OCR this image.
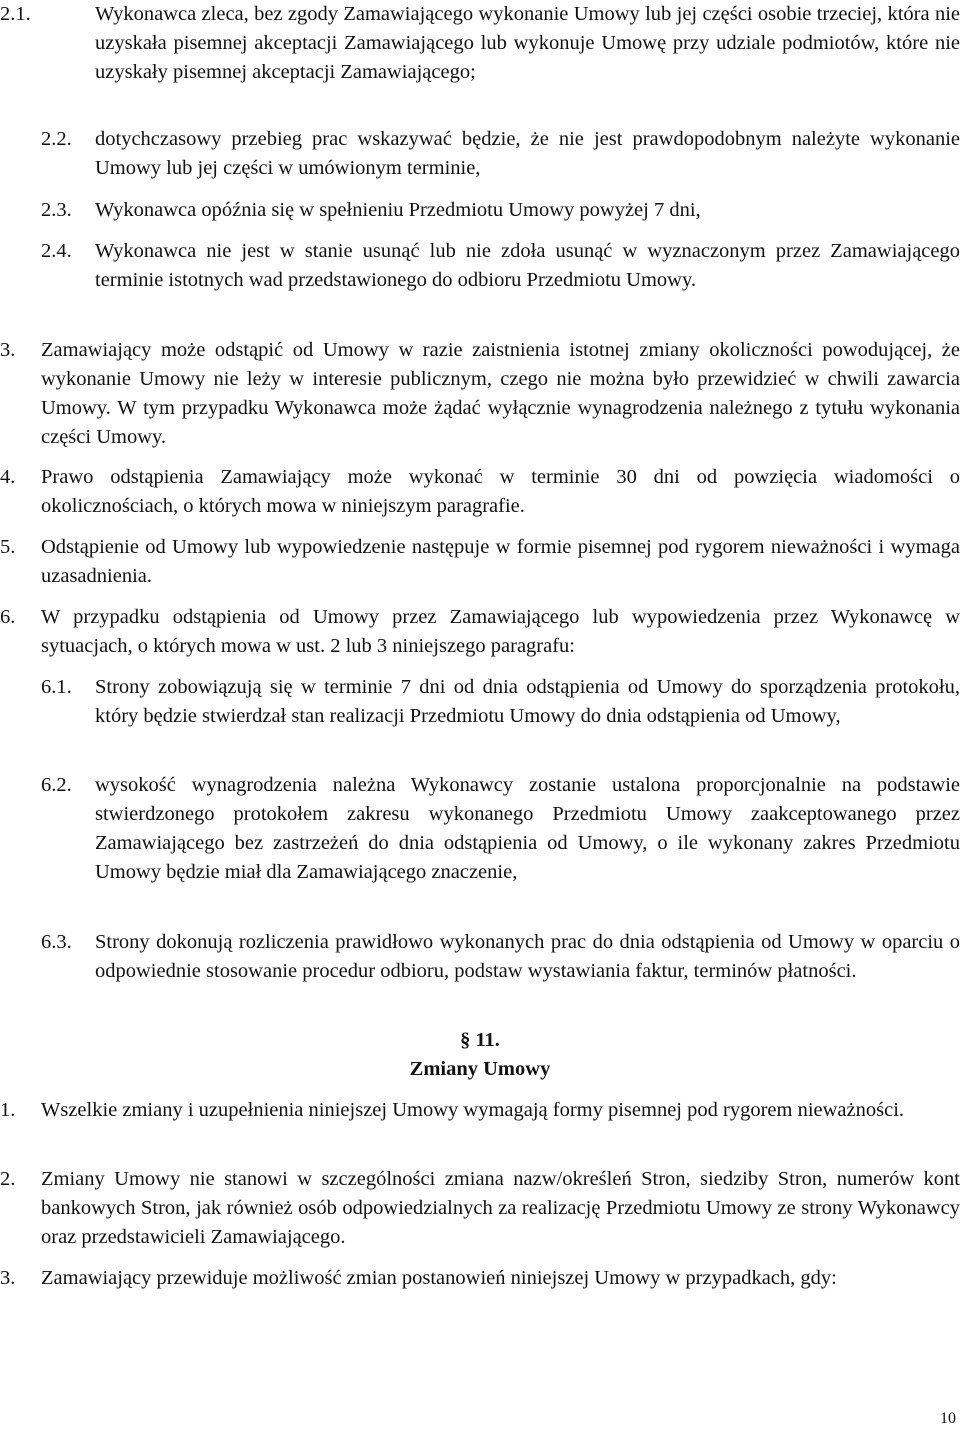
2.1.	Wykonawca zleca, bez zgody Zamawiającego wykonanie Umowy lub jej części osobie trzeciej, która nie uzyskała pisemnej akceptacji Zamawiającego lub wykonuje Umowę przy udziale podmiotów, które nie uzyskały pisemnej akceptacji Zamawiającego;
2.2.	dotychczasowy przebieg prac wskazywać będzie, że nie jest prawdopodobnym należyte wykonanie Umowy lub jej części w umówionym terminie,
2.3.	Wykonawca opóźnia się w spełnieniu Przedmiotu Umowy powyżej 7 dni,
2.4.	Wykonawca nie jest w stanie usunąć lub nie zdoła usunąć w wyznaczonym przez Zamawiającego terminie istotnych wad przedstawionego do odbioru Przedmiotu Umowy.
3.	Zamawiający może odstąpić od Umowy w razie zaistnienia istotnej zmiany okoliczności powodującej, że wykonanie Umowy nie leży w interesie publicznym, czego nie można było przewidzieć w chwili zawarcia Umowy. W tym przypadku Wykonawca może żądać wyłącznie wynagrodzenia należnego z tytułu wykonania części Umowy.
4.	Prawo odstąpienia Zamawiający może wykonać w terminie 30 dni od powzięcia wiadomości o okolicznościach, o których mowa w niniejszym paragrafie.
5.	Odstąpienie od Umowy lub wypowiedzenie następuje w formie pisemnej pod rygorem nieważności i wymaga uzasadnienia.
6.	W przypadku odstąpienia od Umowy przez Zamawiającego lub wypowiedzenia przez Wykonawcę w sytuacjach, o których mowa w ust. 2 lub 3 niniejszego paragrafu:
6.1.	Strony zobowiązują się w terminie 7 dni od dnia odstąpienia od Umowy do sporządzenia protokołu, który będzie stwierdzał stan realizacji Przedmiotu Umowy do dnia odstąpienia od Umowy,
6.2.	wysokość wynagrodzenia należna Wykonawcy zostanie ustalona proporcjonalnie na podstawie stwierdzonego protokołem zakresu wykonanego Przedmiotu Umowy zaakceptowanego przez Zamawiającego bez zastrzeżeń do dnia odstąpienia od Umowy, o ile wykonany zakres Przedmiotu Umowy będzie miał dla Zamawiającego znaczenie,
6.3.	Strony dokonują rozliczenia prawidłowo wykonanych prac do dnia odstąpienia od Umowy w oparciu o odpowiednie stosowanie procedur odbioru, podstaw wystawiania faktur, terminów płatności.
§ 11.
Zmiany Umowy
1.	Wszelkie zmiany i uzupełnienia niniejszej Umowy wymagają formy pisemnej pod rygorem nieważności.
2.	Zmiany Umowy nie stanowi w szczególności zmiana nazw/określeń Stron, siedziby Stron, numerów kont bankowych Stron, jak również osób odpowiedzialnych za realizację Przedmiotu Umowy ze strony Wykonawcy oraz przedstawicieli Zamawiającego.
3.	Zamawiający przewiduje możliwość zmian postanowień niniejszej Umowy w przypadkach, gdy:
10
